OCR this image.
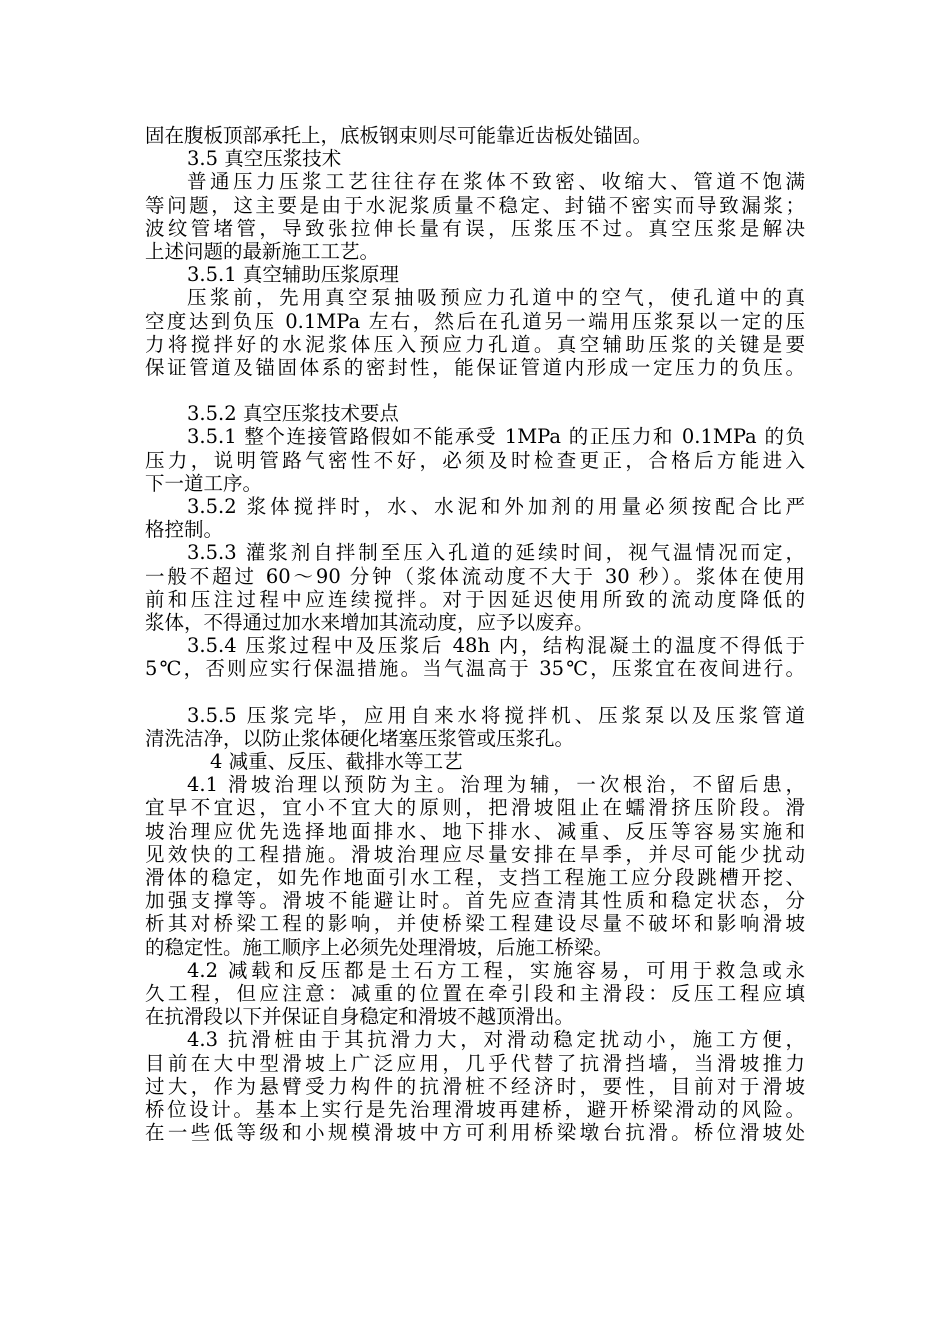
固在腹板顶部承托上，底板钢束则尽可能靠近齿板处锚固。
3.5 真空压浆技术
普通压力压浆工艺往往存在浆体不致密、收缩大、管道不饱满
等问题，这主要是由于水泥浆质量不稳定、封锚不密实而导致漏浆；
波纹管堵管，导致张拉伸长量有误，压浆压不过。真空压浆是解决
上述问题的最新施工工艺。
3.5.1 真空辅助压浆原理
压浆前，先用真空泵抽吸预应力孔道中的空气，使孔道中的真
空度达到负压 0.1MPa 左右，然后在孔道另一端用压浆泵以一定的压
力将搅拌好的水泥浆体压入预应力孔道。真空辅助压浆的关键是要
保证管道及锚固体系的密封性，能保证管道内形成一定压力的负压。
3.5.2 真空压浆技术要点
3.5.1 整个连接管路假如不能承受 1MPa 的正压力和 0.1MPa 的负
压力，说明管路气密性不好，必须及时检查更正，合格后方能进入
下一道工序。
3.5.2 浆体搅拌时，水、水泥和外加剂的用量必须按配合比严
格控制。
3.5.3 灌浆剂自拌制至压入孔道的延续时间，视气温情况而定，
一般不超过 60～90 分钟（浆体流动度不大于 30 秒）。浆体在使用
前和压注过程中应连续搅拌。对于因延迟使用所致的流动度降低的
浆体，不得通过加水来增加其流动度，应予以废弃。
3.5.4 压浆过程中及压浆后 48h 内，结构混凝土的温度不得低于
5℃，否则应实行保温措施。当气温高于 35℃，压浆宜在夜间进行。
3.5.5 压浆完毕，应用自来水将搅拌机、压浆泵以及压浆管道
清洗洁净，以防止浆体硬化堵塞压浆管或压浆孔。
4 减重、反压、截排水等工艺
4.1 滑坡治理以预防为主。治理为辅，一次根治，不留后患，
宜早不宜迟，宜小不宜大的原则，把滑坡阻止在蠕滑挤压阶段。滑
坡治理应优先选择地面排水、地下排水、减重、反压等容易实施和
见效快的工程措施。滑坡治理应尽量安排在旱季，并尽可能少扰动
滑体的稳定，如先作地面引水工程，支挡工程施工应分段跳槽开挖、
加强支撑等。滑坡不能避让时。首先应查清其性质和稳定状态，分
析其对桥梁工程的影响，并使桥梁工程建设尽量不破坏和影响滑坡
的稳定性。施工顺序上必须先处理滑坡，后施工桥梁。
4.2 减载和反压都是土石方工程，实施容易，可用于救急或永
久工程，但应注意：减重的位置在牵引段和主滑段：反压工程应填
在抗滑段以下并保证自身稳定和滑坡不越顶滑出。
4.3 抗滑桩由于其抗滑力大，对滑动稳定扰动小，施工方便，
目前在大中型滑坡上广泛应用，几乎代替了抗滑挡墙，当滑坡推力
过大，作为悬臂受力构件的抗滑桩不经济时，要性，目前对于滑坡
桥位设计。基本上实行是先治理滑坡再建桥，避开桥梁滑动的风险。
在一些低等级和小规模滑坡中方可利用桥梁墩台抗滑。桥位滑坡处
